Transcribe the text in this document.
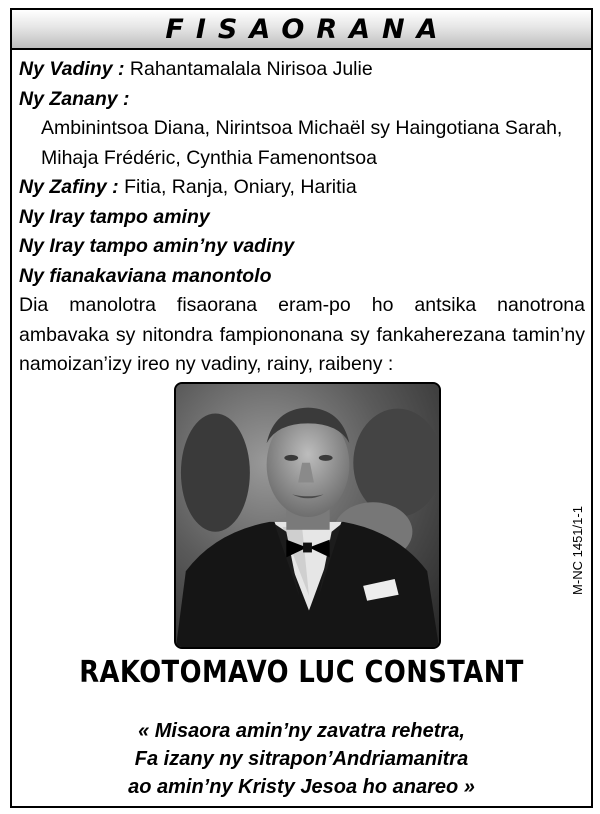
FISAORANA
Ny Vadiny : Rahantamalala Nirisoa Julie
Ny Zanany :
Ambinintsoa Diana, Nirintsoa Michaël sy Haingotiana Sarah,
Mihaja Frédéric, Cynthia Famenontsoa
Ny Zafiny : Fitia, Ranja, Oniary, Haritia
Ny Iray tampo aminy
Ny Iray tampo amin’ny vadiny
Ny fianakaviana manontolo
Dia manolotra fisaorana eram-po ho antsika nanotrona ambavaka sy nitondra fampiononana sy fankaherezana tamin’ny namoizan’izy ireo ny vadiny, rainy, raibeny :
M-NC 1451/1-1
RAKOTOMAVO LUC CONSTANT
« Misaora amin’ny zavatra rehetra,
Fa izany ny sitrapon’Andriamanitra
ao amin’ny Kristy Jesoa ho anareo »
